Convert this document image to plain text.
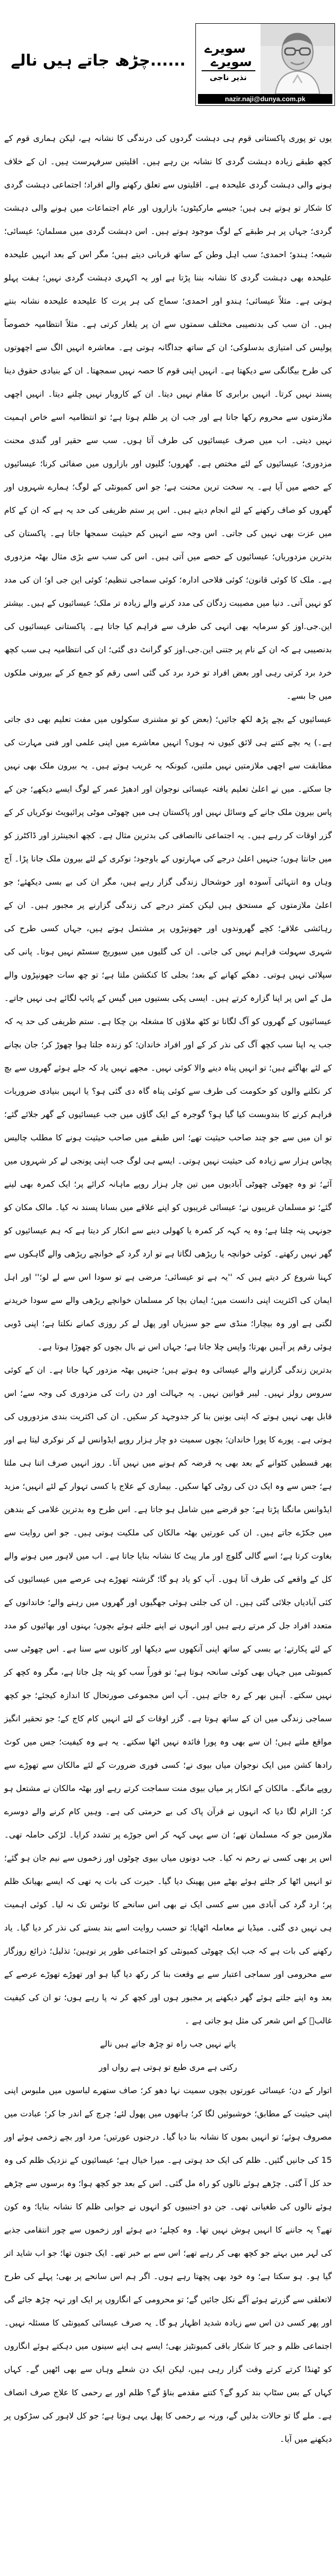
......چڑھ جاتے ہیں نالے
سویرے
سویرے
نذیر ناجی
nazir.naji@dunya.com.pk

یوں تو پوری پاکستانی قوم ہی دہشت گردوں کی درندگی کا نشانہ ہے، لیکن ہماری قوم کے کچھ طبقے زیادہ دہشت گردی کا نشانہ بن رہے ہیں۔ اقلیتیں سرفہرست ہیں۔ ان کے خلاف ہونے والی دہشت گردی علیحدہ ہے۔ اقلیتوں سے تعلق رکھنے والے افراد؛ اجتماعی دہشت گردی کا شکار تو ہوتے ہی ہیں؛ جیسے مارکیٹوں؛ بازاروں اور عام اجتماعات میں ہونے والی دہشت گردی؛ جہاں پر ہر طبقے کے لوگ موجود ہوتے ہیں۔ اس دہشت گردی میں مسلمان؛ عیسائی؛ شیعہ؛ ہندو؛ احمدی؛ سب اہل وطن کے ساتھ قربانی دیتے ہیں؛ مگر اس کے بعد انہیں علیحدہ علیحدہ بھی دہشت گردی کا نشانہ بننا پڑتا ہے اور یہ اکہری دہشت گردی نہیں؛ ہفت پہلو ہوتی ہے۔ مثلاً عیسائی؛ ہندو اور احمدی؛ سماج کی ہر پرت کا علیحدہ علیحدہ نشانہ بنتے ہیں۔ ان سب کی بدنصیبی مختلف سمتوں سے ان پر یلغار کرتی ہے۔ مثلاً انتظامیہ خصوصاً پولیس کی امتیازی بدسلوکی؛ ان کے ساتھ جداگانہ ہوتی ہے۔ معاشرہ انہیں الگ سے اچھوتوں کی طرح بیگانگی سے دیکھتا ہے۔ انہیں اپنی قوم کا حصہ نہیں سمجھتا۔ ان کے بنیادی حقوق دینا پسند نہیں کرتا۔ انہیں برابری کا مقام نہیں دیتا۔ ان کے کاروبار نہیں چلنے دیتا۔ انہیں اچھی ملازمتوں سے محروم رکھا جاتا ہے اور جب ان پر ظلم ہوتا ہے؛ تو انتظامیہ اسے خاص اہمیت نہیں دیتی۔ اب میں صرف عیسائیوں کی طرف آتا ہوں۔ سب سے حقیر اور گندی محنت مزدوری؛ عیسائیوں کے لئے مختص ہے۔ گھروں؛ گلیوں اور بازاروں میں صفائی کرنا؛ عیسائیوں کے حصے میں آیا ہے۔ یہ سخت ترین محنت ہے؛ جو اس کمیونٹی کے لوگ؛ ہمارے شہروں اور گھروں کو صاف رکھنے کے لئے انجام دیتے ہیں۔ اس پر ستم ظریفی کی حد یہ ہے کہ ان کے کام میں عزت بھی نہیں کی جاتی۔ اس وجہ سے انہیں کم حیثیت سمجھا جاتا ہے۔ پاکستان کی بدترین مزدوریاں؛ عیسائیوں کے حصے میں آتی ہیں۔ اس کی سب سے بڑی مثال بھٹہ مزدوری ہے۔ ملک کا کوئی قانون؛ کوئی فلاحی ادارہ؛ کوئی سماجی تنظیم؛ کوئی این جی او؛ ان کی مدد کو نہیں آتی۔ دنیا میں مصیبت زدگان کی مدد کرنے والے زیادہ تر ملک؛ عیسائیوں کے ہیں۔ بیشتر این.جی.اوز کو سرمایہ بھی انہی کی طرف سے فراہم کیا جاتا ہے۔ پاکستانی عیسائیوں کی بدنصیبی ہے کہ ان کے نام پر جتنی این.جی.اوز کو گرانٹ دی گئی؛ ان کی انتظامیہ ہی سب کچھ خرد برد کرتی رہی اور بعض افراد تو خرد برد کی گئی اسی رقم کو جمع کر کے بیرونی ملکوں میں جا بسے۔

عیسائیوں کے بچے پڑھ لکھ جائیں؛ (بعض کو تو مشنری سکولوں میں مفت تعلیم بھی دی جاتی ہے۔) یہ بچے کتنے ہی لائق کیوں نہ ہوں؟ انہیں معاشرے میں اپنی علمی اور فنی مہارت کی مطابقت سے اچھی ملازمتیں نہیں ملتیں، کیونکہ یہ غریب ہوتے ہیں۔ یہ بیرون ملک بھی نہیں جا سکتے۔ میں نے اعلیٰ تعلیم یافتہ عیسائی نوجوان اور ادھیڑ عمر کے لوگ ایسے دیکھے؛ جن کے پاس بیرون ملک جانے کے وسائل نہیں اور پاکستان ہی میں چھوٹی موٹی پرائیویٹ نوکریاں کر کے گزر اوقات کر رہے ہیں۔ یہ اجتماعی ناانصافی کی بدترین مثال ہے۔ کچھ انجینئرز اور ڈاکٹرز کو میں جانتا ہوں؛ جنہیں اعلیٰ درجے کی مہارتوں کے باوجود؛ نوکری کے لئے بیرون ملک جانا پڑا۔ آج وہاں وہ انتہائی آسودہ اور خوشحال زندگی گزار رہے ہیں، مگر ان کی بے بسی دیکھئے؛ جو اعلیٰ ملازمتوں کے مستحق ہیں لیکن کمتر درجے کی زندگی گزارنے پر مجبور ہیں۔ ان کے رہائشی علاقے؛ کچے گھروندوں اور جھونپڑوں پر مشتمل ہوتے ہیں، جہاں کسی طرح کی شہری سہولت فراہم نہیں کی جاتی۔ ان کی گلیوں میں سیوریج سسٹم نہیں ہوتا۔ پانی کی سپلائی نہیں ہوتی۔ دھکے کھانے کے بعد؛ بجلی کا کنکشن ملتا ہے؛ تو چھ سات جھونپڑوں والے مل کے اس پر اپنا گزارہ کرتے ہیں۔ ایسی پکی بستیوں میں گیس کے پائپ لگائے ہی نہیں جاتے۔ عیسائیوں کے گھروں کو آگ لگانا تو کٹھ ملاؤں کا مشغلہ بن چکا ہے۔ ستم ظریفی کی حد یہ کہ جب یہ اپنا سب کچھ آگ کی نذر کر کے اور افراد خاندان؛ کو زندہ جلتا ہوا چھوڑ کر؛ جان بچانے کے لئے بھاگتے ہیں؛ تو انہیں پناہ دینے والا کوئی نہیں۔ مجھے نہیں یاد کہ جلے ہوئے گھروں سے بچ کر نکلنے والوں کو حکومت کی طرف سے کوئی پناہ گاہ دی گئی ہو؟ یا انہیں بنیادی ضروریات فراہم کرنے کا بندوبست کیا گیا ہو؟ گوجرہ کے ایک گاؤں میں جب عیسائیوں کے گھر جلائے گئے؛ تو ان میں سے جو چند صاحب حیثیت تھے؛ اس طبقے میں صاحب حیثیت ہونے کا مطلب چالیس پچاس ہزار سے زیادہ کی حیثیت نہیں ہوتی۔ ایسے ہی لوگ جب اپنی پونجی لے کر شہروں میں آئے؛ تو وہ چھوٹی چھوٹی آبادیوں میں تین چار ہزار روپے ماہانہ کرائے پر؛ ایک کمرہ بھی لینے گئے؛ تو مسلمان غریبوں نے؛ عیسائی غریبوں کو اپنے علاقے میں بسانا پسند نہ کیا۔ مالک مکان کو جونہی پتہ چلتا ہے؛ وہ یہ کہہ کر کمرہ یا کھولی دینے سے انکار کر دیتا ہے کہ ہم عیسائیوں کو گھر نہیں رکھتے۔ کوئی خوانچہ یا ریڑھی لگاتا ہے تو ارد گرد کے خوانچے ریڑھی والے گاہکوں سے کہنا شروع کر دیتے ہیں کہ ''یہ ہے تو عیسائی؛ مرضی ہے تو سودا اس سے لے لو؛'' اور اہل ایمان کی اکثریت اپنی دانست میں؛ ایمان بچا کر مسلمان خوانچے ریڑھی والے سے سودا خریدنے لگتی ہے اور وہ بیچارا؛ منڈی سے جو سبزیاں اور پھل لے کر روزی کمانے نکلتا ہے؛ اپنی ڈوبی ہوئی رقم پر آہیں بھرتا؛ واپس چلا جاتا ہے؛ جہاں اس نے بال بچوں کو چھوڑا ہوتا ہے۔

بدترین زندگی گزارنے والے عیسائی وہ ہوتے ہیں؛ جنہیں بھٹہ مزدور کہا جاتا ہے۔ ان کے کوئی سروس رولز نہیں۔ لیبر قوانین نہیں۔ یہ جہالت اور دن رات کی مزدوری کی وجہ سے؛ اس قابل بھی نہیں ہوتے کہ اپنی یونین بنا کر جدوجہد کر سکیں۔ ان کی اکثریت بندی مزدوروں کی ہوتی ہے۔ پورے کا پورا خاندان؛ بچوں سمیت دو چار ہزار روپے ایڈوانس لے کر نوکری لیتا ہے اور پھر قسطیں کٹوانے کے بعد بھی یہ قرضہ کم ہونے میں نہیں آتا۔ روز انہیں صرف اتنا ہی ملتا ہے؛ جس سے وہ ایک دن کی روٹی کھا سکیں۔ بیماری کے علاج یا کسی تہوار کے لئے انہیں؛ مزید ایڈوانس مانگنا پڑتا ہے؛ جو قرضے میں شامل ہو جاتا ہے۔ اس طرح وہ بدترین غلامی کے بندھن میں جکڑے جاتے ہیں۔ ان کی عورتیں بھٹہ مالکان کی ملکیت ہوتی ہیں۔ جو اس روایت سے بغاوت کرتا ہے؛ اسے گالی گلوچ اور مار پیٹ کا نشانہ بنایا جاتا ہے۔ اب میں لاہور میں ہونے والے کل کے واقعے کی طرف آتا ہوں۔ آپ کو یاد ہو گا؛ گزشتہ تھوڑے ہی عرصے میں عیسائیوں کی کئی آبادیاں جلائی گئی ہیں۔ ان کی جلتی ہوئی جھگیوں اور گھروں میں رہنے والے؛ خاندانوں کے متعدد افراد جل کر مرتے رہے ہیں اور انہوں نے اپنے جلتے ہوئے بچوں؛ بہنوں اور بھائیوں کو مدد کے لئے پکارتے؛ بے بسی کے ساتھ اپنی آنکھوں سے دیکھا اور کانوں سے سنا ہے۔ اس چھوٹی سی کمیونٹی میں جہاں بھی کوئی سانحہ ہوتا ہے؛ تو فوراً سب کو پتہ چل جاتا ہے، مگر وہ کچھ کر نہیں سکتے۔ آہیں بھر کے رہ جاتے ہیں۔ آپ اس مجموعی صورتحال کا اندازہ کیجئے؛ جو کچھ سماجی زندگی میں ان کے ساتھ ہوتا ہے۔ گزر اوقات کے لئے انہیں کام کاج کے؛ جو تحقیر انگیز مواقع ملتے ہیں؛ ان سے بھی وہ پورا فائدہ نہیں اٹھا سکتے۔ یہ ہے وہ کیفیت؛ جس میں کوٹ رادھا کشن میں ایک نوجوان میاں بیوی نے؛ کسی فوری ضرورت کے لئے مالکان سے تھوڑے سے روپے مانگے۔ مالکان کے انکار پر میاں بیوی منت سماجت کرتے رہے اور بھٹہ مالکان نے مشتعل ہو کر؛ الزام لگا دیا کہ انہوں نے قرآن پاک کی بے حرمتی کی ہے۔ وہیں کام کرنے والے دوسرے ملازمین جو کہ مسلمان تھے؛ ان سے یہی کہہ کر اس جوڑے پر تشدد کرایا۔ لڑکی حاملہ تھی۔ اس پر بھی کسی نے رحم نہ کیا۔ جب دونوں میاں بیوی چوٹوں اور زخموں سے نیم جان ہو گئے؛ تو انہیں اٹھا کر جلتے ہوئے بھٹے میں پھینک دیا گیا۔ حیرت کی بات یہ تھی کہ ایسے بھیانک ظلم پر؛ ارد گرد کی آبادی میں سے کسی ایک نے بھی اس سانحے کا نوٹس تک نہ لیا۔ کوئی اہمیت ہی نہیں دی گئی۔ میڈیا نے معاملہ اٹھایا؛ تو حسب روایت اسے بند بستے کی نذر کر دیا گیا۔ یاد رکھنے کی بات ہے کہ جب ایک چھوٹی کمیونٹی کو اجتماعی طور پر توہین؛ تذلیل؛ ذرائع روزگار سے محرومی اور سماجی اعتبار سے بے وقعت بنا کر رکھ دیا گیا ہو اور تھوڑے تھوڑے عرصے کے بعد وہ اپنے جلتے ہوئے گھر دیکھنے پر مجبور ہوں اور کچھ کر نہ پا رہے ہوں؛ تو ان کی کیفیت غالبؔ کے اس شعر کی مثل ہو جاتی ہے ۔

پاتے نہیں جب راہ تو چڑھ جاتے ہیں نالے
رکتی ہے مری طبع تو ہوتی ہے رواں اور

اتوار کے دن؛ عیسائی عورتوں بچوں سمیت نہا دھو کر؛ صاف ستھرے لباسوں میں ملبوس اپنی اپنی حیثیت کے مطابق؛ خوشبوئیں لگا کر؛ ہاتھوں میں پھول لئے؛ چرچ کے اندر جا کر؛ عبادت میں مصروف ہوئے؛ تو انہیں بموں کا نشانہ بنا دیا گیا۔ درجنوں عورتیں؛ مرد اور بچے زخمی ہوئے اور 15 کی جانیں گئیں۔ ظلم کی ایک حد ہوتی ہے۔ میرا خیال ہے؛ عیسائیوں کے نزدیک ظلم کی وہ حد کل آ گئی۔ چڑھے ہوئے نالوں کو راہ مل گئی۔ اس کے بعد جو کچھ ہوا؛ وہ برسوں سے چڑھے ہوئے نالوں کی طغیانی تھی۔ جن دو اجنبیوں کو انہوں نے جوابی ظلم کا نشانہ بنایا؛ وہ کون تھے؟ یہ جاننے کا انہیں ہوش نہیں تھا۔ وہ کچلے؛ دبے ہوئے اور زخموں سے چور انتقامی جذبے کی لہر میں بہتے جو کچھ بھی کر رہے تھے؛ اس سے بے خبر تھے۔ ایک جنون تھا؛ جو اب شاید اتر گیا ہو۔ ہو سکتا ہے؛ وہ خود بھی پچھتا رہے ہوں۔ اگر ہم اس سانحے پر بھی؛ پہلے کی طرح لاتعلقی سے گزرتے ہوئے آگے نکل جائیں گے؛ تو محرومی کے انگاروں پر ایک اور تہہ چڑھ جائے گی اور پھر کسی دن اس سے زیادہ شدید اظہار ہو گا۔ یہ صرف عیسائی کمیونٹی کا مسئلہ نہیں۔ اجتماعی ظلم و جبر کا شکار باقی کمیونٹیز بھی؛ ایسے ہی اپنے سینوں میں دہکتے ہوئے انگاروں کو ٹھنڈا کرتے کرتے وقت گزار رہی ہیں، لیکن ایک دن شعلے وہاں سے بھی اٹھیں گے۔ کہاں کہاں کے بس سٹاپ بند کرو گے؟ کتنے مقدمے بناؤ گے؟ ظلم اور بے رحمی کا علاج صرف انصاف ہے۔ ملے گا تو حالات بدلیں گے، ورنہ بے رحمی کا پھل یہی ہوتا ہے؛ جو کل لاہور کی سڑکوں پر دیکھنے میں آیا۔
